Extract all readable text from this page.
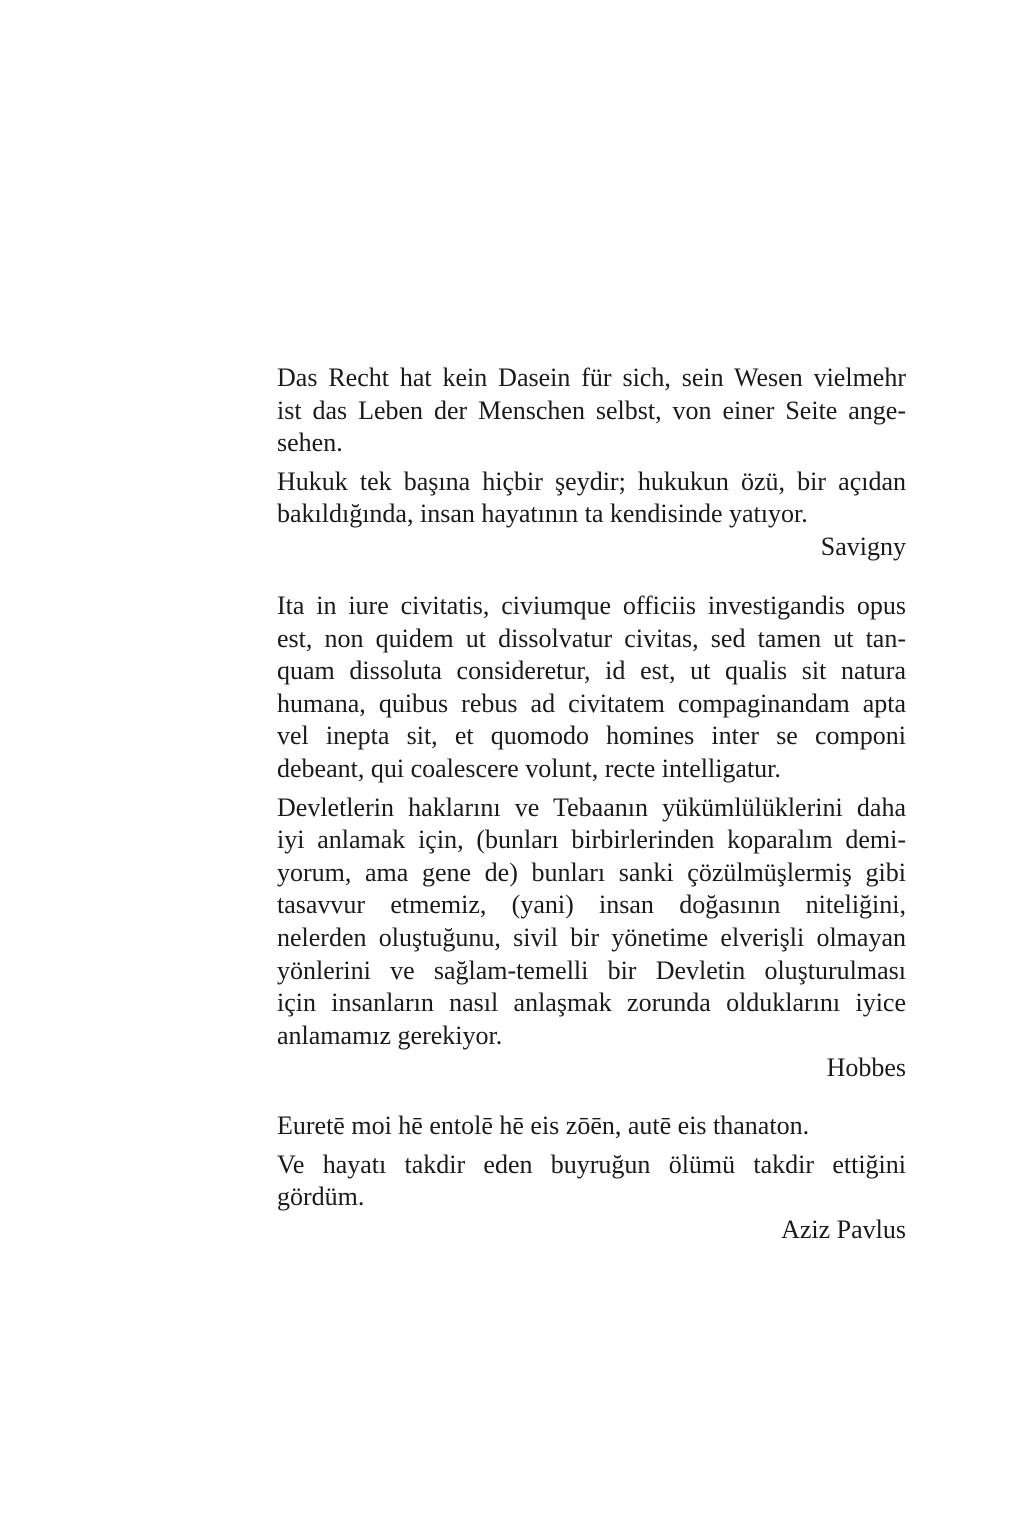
Das Recht hat kein Dasein für sich, sein Wesen vielmehr
ist das Leben der Menschen selbst, von einer Seite ange-
sehen.
Hukuk tek başına hiçbir şeydir; hukukun özü, bir açıdan
bakıldığında, insan hayatının ta kendisinde yatıyor.
Savigny
Ita in iure civitatis, civiumque officiis investigandis opus
est, non quidem ut dissolvatur civitas, sed tamen ut tan-
quam dissoluta consideretur, id est, ut qualis sit natura
humana, quibus rebus ad civitatem compaginandam apta
vel inepta sit, et quomodo homines inter se componi
debeant, qui coalescere volunt, recte intelligatur.
Devletlerin haklarını ve Tebaanın yükümlülüklerini daha
iyi anlamak için, (bunları birbirlerinden koparalım demi-
yorum, ama gene de) bunları sanki çözülmüşlermiş gibi
tasavvur etmemiz, (yani) insan doğasının niteliğini,
nelerden oluştuğunu, sivil bir yönetime elverişli olmayan
yönlerini ve sağlam-temelli bir Devletin oluşturulması
için insanların nasıl anlaşmak zorunda olduklarını iyice
anlamamız gerekiyor.
Hobbes
Euretē moi hē entolē hē eis zōēn, autē eis thanaton.
Ve hayatı takdir eden buyruğun ölümü takdir ettiğini
gördüm.
Aziz Pavlus
